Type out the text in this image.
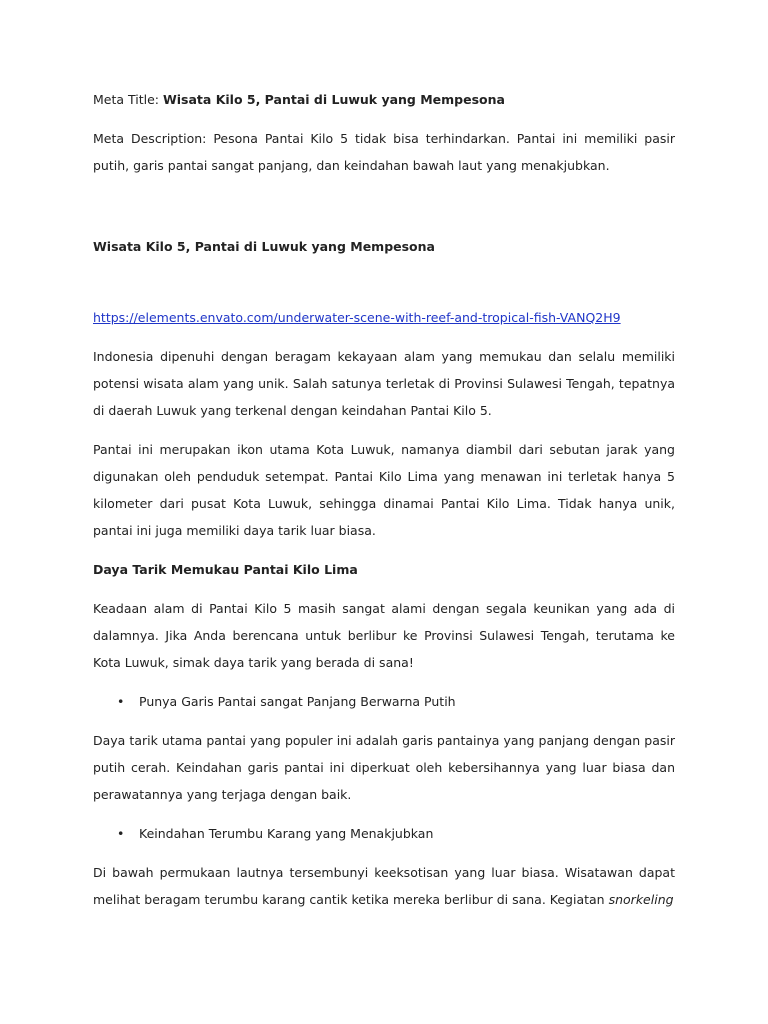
Meta Title: Wisata Kilo 5, Pantai di Luwuk yang Mempesona

Meta Description: Pesona Pantai Kilo 5 tidak bisa terhindarkan. Pantai ini memiliki pasir putih, garis pantai sangat panjang, dan keindahan bawah laut yang menakjubkan.

Wisata Kilo 5, Pantai di Luwuk yang Mempesona

https://elements.envato.com/underwater-scene-with-reef-and-tropical-fish-VANQ2H9

Indonesia dipenuhi dengan beragam kekayaan alam yang memukau dan selalu memiliki potensi wisata alam yang unik. Salah satunya terletak di Provinsi Sulawesi Tengah, tepatnya di daerah Luwuk yang terkenal dengan keindahan Pantai Kilo 5.

Pantai ini merupakan ikon utama Kota Luwuk, namanya diambil dari sebutan jarak yang digunakan oleh penduduk setempat. Pantai Kilo Lima yang menawan ini terletak hanya 5 kilometer dari pusat Kota Luwuk, sehingga dinamai Pantai Kilo Lima. Tidak hanya unik, pantai ini juga memiliki daya tarik luar biasa.

Daya Tarik Memukau Pantai Kilo Lima

Keadaan alam di Pantai Kilo 5 masih sangat alami dengan segala keunikan yang ada di dalamnya. Jika Anda berencana untuk berlibur ke Provinsi Sulawesi Tengah, terutama ke Kota Luwuk, simak daya tarik yang berada di sana!

• Punya Garis Pantai sangat Panjang Berwarna Putih

Daya tarik utama pantai yang populer ini adalah garis pantainya yang panjang dengan pasir putih cerah. Keindahan garis pantai ini diperkuat oleh kebersihannya yang luar biasa dan perawatannya yang terjaga dengan baik.

• Keindahan Terumbu Karang yang Menakjubkan

Di bawah permukaan lautnya tersembunyi keeksotisan yang luar biasa. Wisatawan dapat melihat beragam terumbu karang cantik ketika mereka berlibur di sana. Kegiatan snorkeling
